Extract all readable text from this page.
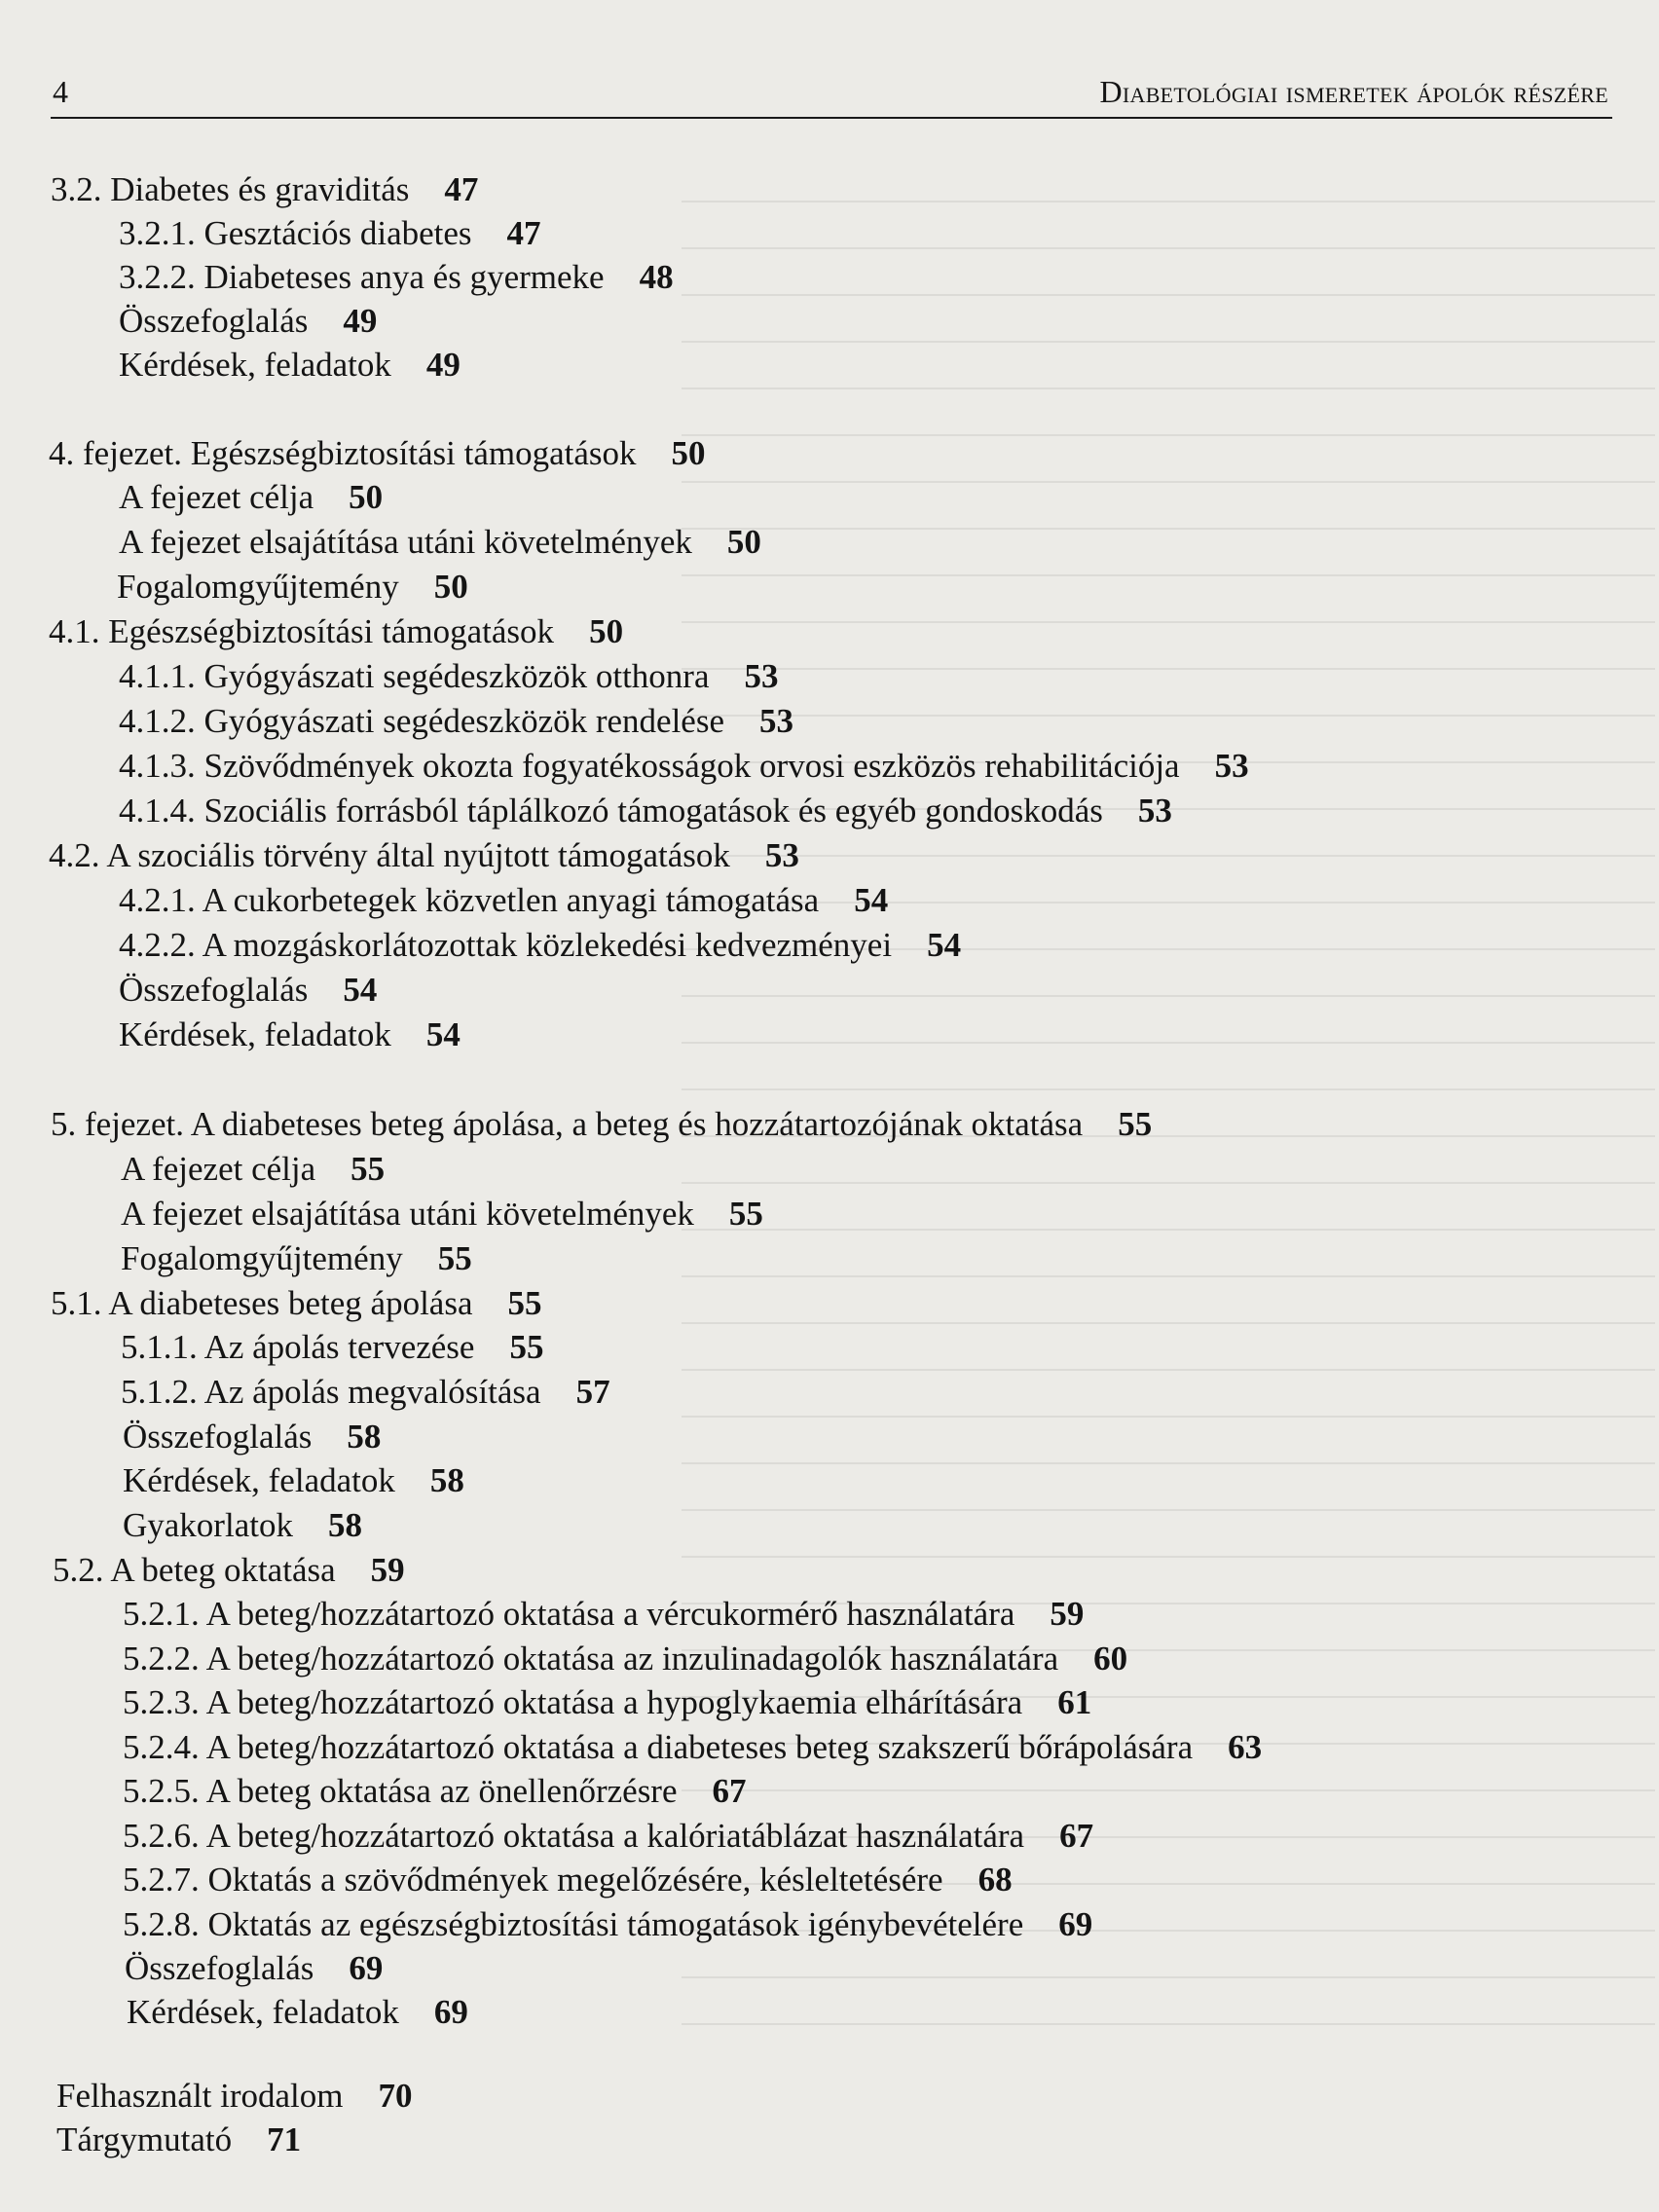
4	Diabetológiai ismeretek ápolók részére
3.2. Diabetes és graviditás 47
3.2.1. Gesztációs diabetes 47
3.2.2. Diabeteses anya és gyermeke 48
Összefoglalás 49
Kérdések, feladatok 49
4. fejezet. Egészségbiztosítási támogatások 50
A fejezet célja 50
A fejezet elsajátítása utáni követelmények 50
Fogalomgyűjtemény 50
4.1. Egészségbiztosítási támogatások 50
4.1.1. Gyógyászati segédeszközök otthonra 53
4.1.2. Gyógyászati segédeszközök rendelése 53
4.1.3. Szövődmények okozta fogyatékosságok orvosi eszközös rehabilitációja 53
4.1.4. Szociális forrásból táplálkozó támogatások és egyéb gondoskodás 53
4.2. A szociális törvény által nyújtott támogatások 53
4.2.1. A cukorbetegek közvetlen anyagi támogatása 54
4.2.2. A mozgáskorlátozottak közlekedési kedvezményei 54
Összefoglalás 54
Kérdések, feladatok 54
5. fejezet. A diabeteses beteg ápolása, a beteg és hozzátartozójának oktatása 55
A fejezet célja 55
A fejezet elsajátítása utáni követelmények 55
Fogalomgyűjtemény 55
5.1. A diabeteses beteg ápolása 55
5.1.1. Az ápolás tervezése 55
5.1.2. Az ápolás megvalósítása 57
Összefoglalás 58
Kérdések, feladatok 58
Gyakorlatok 58
5.2. A beteg oktatása 59
5.2.1. A beteg/hozzátartozó oktatása a vércukormérő használatára 59
5.2.2. A beteg/hozzátartozó oktatása az inzulinadagolók használatára 60
5.2.3. A beteg/hozzátartozó oktatása a hypoglykaemia elhárítására 61
5.2.4. A beteg/hozzátartozó oktatása a diabeteses beteg szakszerű bőrápolására 63
5.2.5. A beteg oktatása az önellenőrzésre 67
5.2.6. A beteg/hozzátartozó oktatása a kalóriatáblázat használatára 67
5.2.7. Oktatás a szövődmények megelőzésére, késleltetésére 68
5.2.8. Oktatás az egészségbiztosítási támogatások igénybevételére 69
Összefoglalás 69
Kérdések, feladatok 69
Felhasznált irodalom 70
Tárgymutató 71
